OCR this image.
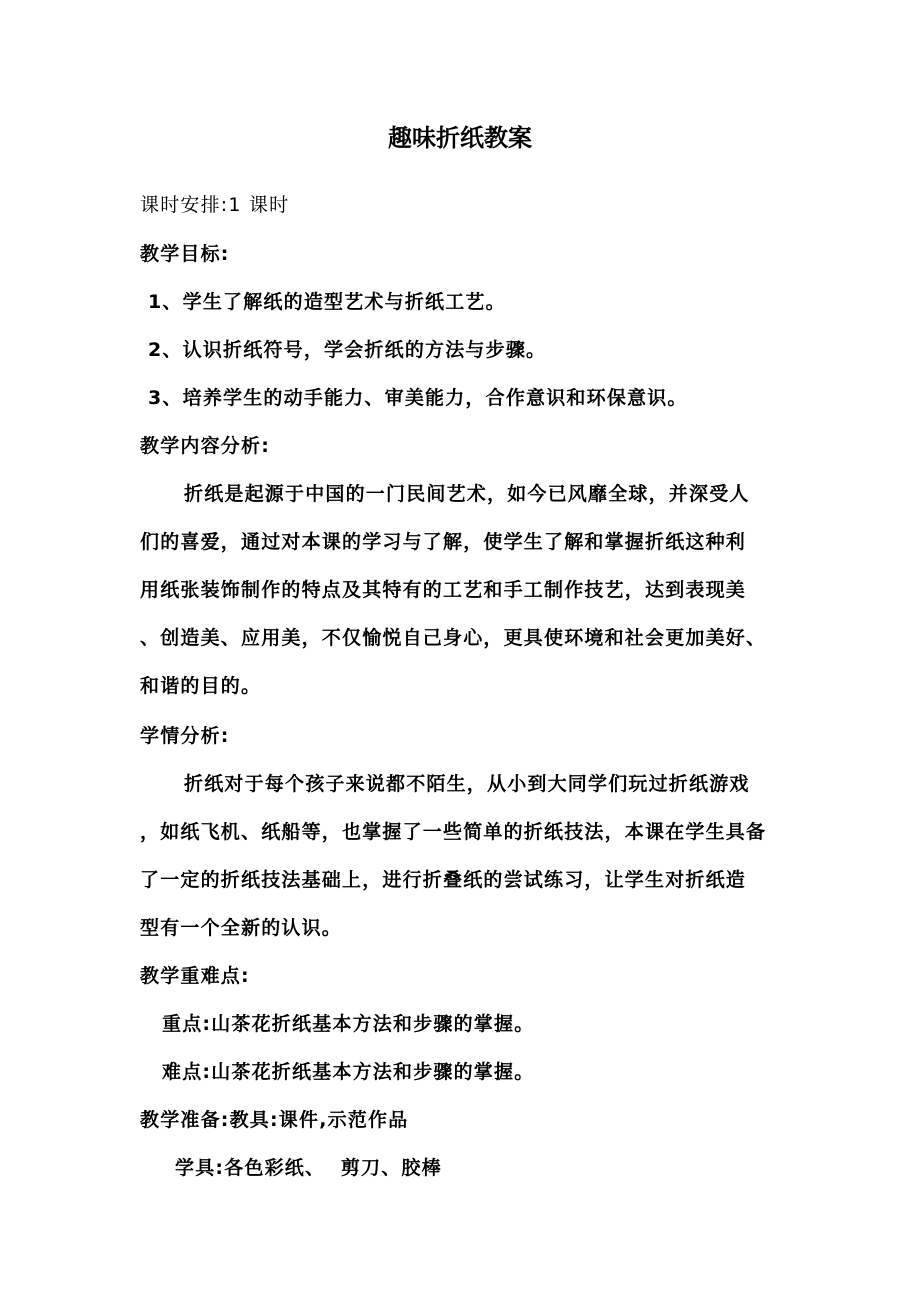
趣味折纸教案
课时安排:1 课时
教学目标:
1、学生了解纸的造型艺术与折纸工艺。
2、认识折纸符号，学会折纸的方法与步骤。
3、培养学生的动手能力、审美能力，合作意识和环保意识。
教学内容分析:
折纸是起源于中国的一门民间艺术，如今已风靡全球，并深受人
们的喜爱，通过对本课的学习与了解，使学生了解和掌握折纸这种利
用纸张装饰制作的特点及其特有的工艺和手工制作技艺，达到表现美
、创造美、应用美，不仅愉悦自己身心，更具使环境和社会更加美好、
和谐的目的。
学情分析:
折纸对于每个孩子来说都不陌生，从小到大同学们玩过折纸游戏
，如纸飞机、纸船等，也掌握了一些简单的折纸技法，本课在学生具备
了一定的折纸技法基础上，进行折叠纸的尝试练习，让学生对折纸造
型有一个全新的认识。
教学重难点:
重点:山茶花折纸基本方法和步骤的掌握。
难点:山茶花折纸基本方法和步骤的掌握。
教学准备:教具:课件,示范作品
学具:各色彩纸、  剪刀、胶棒
